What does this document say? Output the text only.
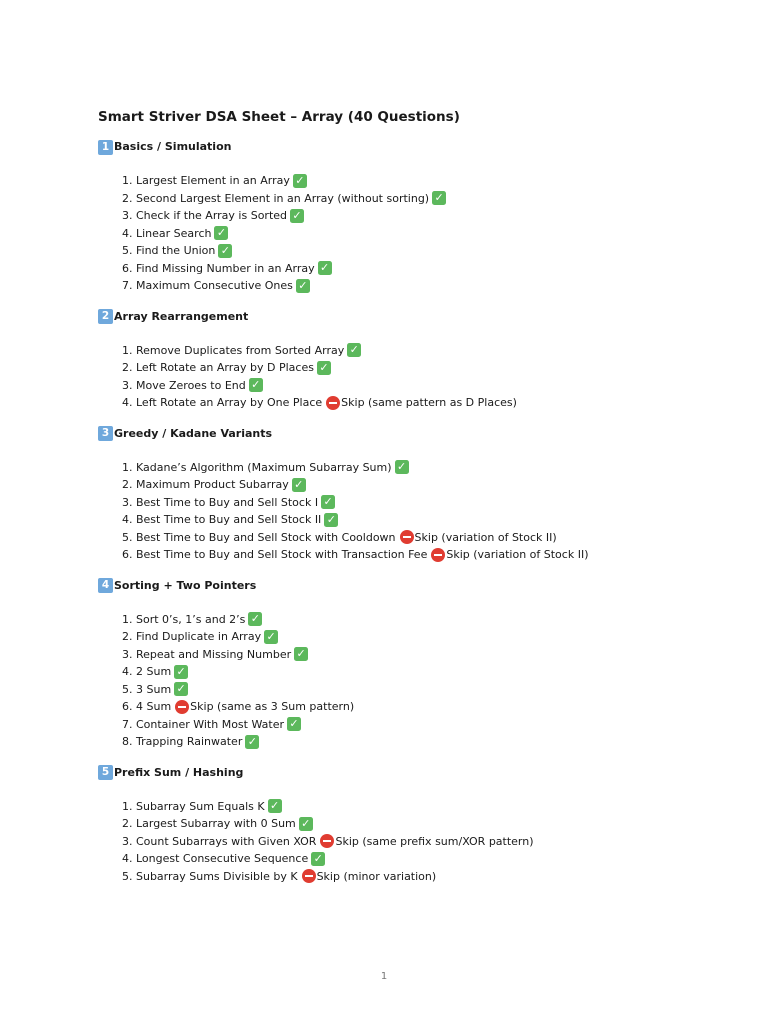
Smart Striver DSA Sheet – Array (40 Questions)
1 Basics / Simulation
1. Largest Element in an Array ✓
2. Second Largest Element in an Array (without sorting) ✓
3. Check if the Array is Sorted ✓
4. Linear Search ✓
5. Find the Union ✓
6. Find Missing Number in an Array ✓
7. Maximum Consecutive Ones ✓
2 Array Rearrangement
1. Remove Duplicates from Sorted Array ✓
2. Left Rotate an Array by D Places ✓
3. Move Zeroes to End ✓
4. Left Rotate an Array by One Place Skip (same pattern as D Places)
3 Greedy / Kadane Variants
1. Kadane’s Algorithm (Maximum Subarray Sum) ✓
2. Maximum Product Subarray ✓
3. Best Time to Buy and Sell Stock I ✓
4. Best Time to Buy and Sell Stock II ✓
5. Best Time to Buy and Sell Stock with Cooldown Skip (variation of Stock II)
6. Best Time to Buy and Sell Stock with Transaction Fee Skip (variation of Stock II)
4 Sorting + Two Pointers
1. Sort 0’s, 1’s and 2’s ✓
2. Find Duplicate in Array ✓
3. Repeat and Missing Number ✓
4. 2 Sum ✓
5. 3 Sum ✓
6. 4 Sum Skip (same as 3 Sum pattern)
7. Container With Most Water ✓
8. Trapping Rainwater ✓
5 Prefix Sum / Hashing
1. Subarray Sum Equals K ✓
2. Largest Subarray with 0 Sum ✓
3. Count Subarrays with Given XOR Skip (same prefix sum/XOR pattern)
4. Longest Consecutive Sequence ✓
5. Subarray Sums Divisible by K Skip (minor variation)
1
